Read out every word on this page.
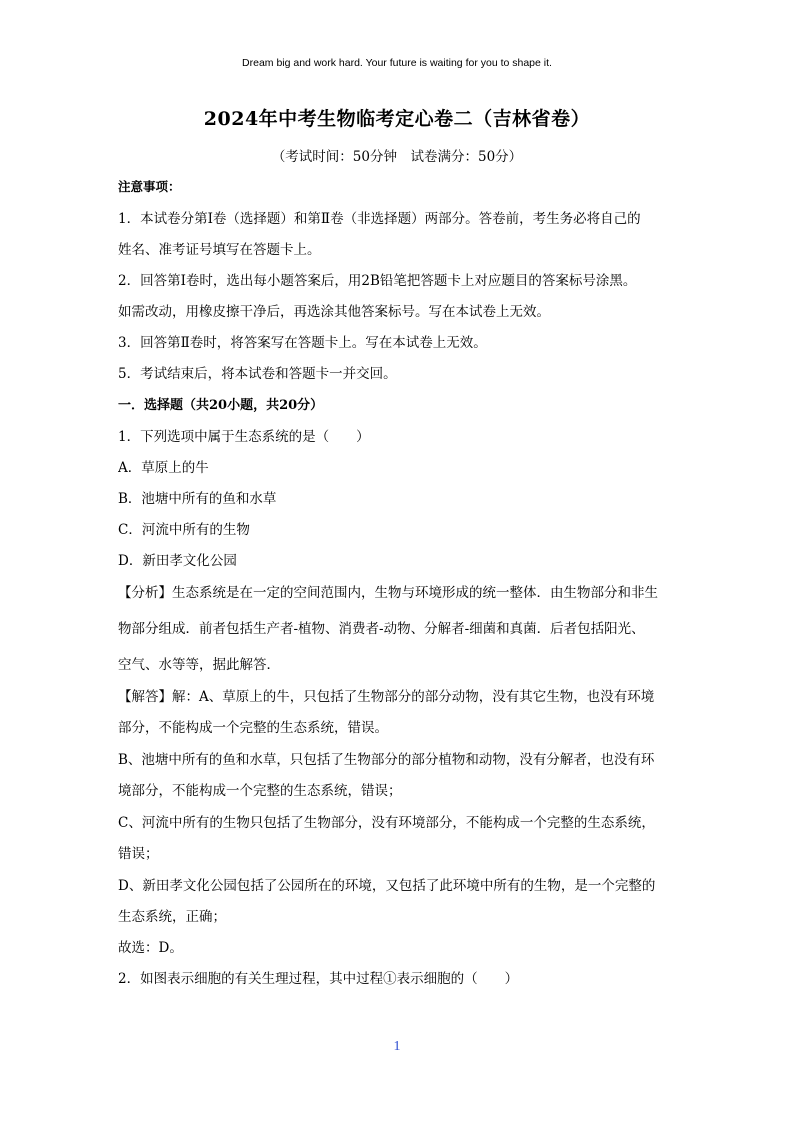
Dream big and work hard. Your future is waiting for you to shape it.
2024年中考生物临考定心卷二（吉林省卷）
（考试时间：50分钟　试卷满分：50分）
注意事项：
1．本试卷分第Ⅰ卷（选择题）和第Ⅱ卷（非选择题）两部分。答卷前，考生务必将自己的
姓名、准考证号填写在答题卡上。
2．回答第Ⅰ卷时，选出每小题答案后，用2B铅笔把答题卡上对应题目的答案标号涂黑。
如需改动，用橡皮擦干净后，再选涂其他答案标号。写在本试卷上无效。
3．回答第Ⅱ卷时，将答案写在答题卡上。写在本试卷上无效。
5．考试结束后，将本试卷和答题卡一并交回。
一．选择题（共20小题，共20分）
1．下列选项中属于生态系统的是（　　）
A．草原上的牛
B．池塘中所有的鱼和水草
C．河流中所有的生物
D．新田孝文化公园
【分析】生态系统是在一定的空间范围内，生物与环境形成的统一整体．由生物部分和非生
物部分组成．前者包括生产者-植物、消费者-动物、分解者-细菌和真菌．后者包括阳光、
空气、水等等，据此解答．
【解答】解：A、草原上的牛，只包括了生物部分的部分动物，没有其它生物，也没有环境
部分，不能构成一个完整的生态系统，错误。
B、池塘中所有的鱼和水草，只包括了生物部分的部分植物和动物，没有分解者，也没有环
境部分，不能构成一个完整的生态系统，错误；
C、河流中所有的生物只包括了生物部分，没有环境部分，不能构成一个完整的生态系统，
错误；
D、新田孝文化公园包括了公园所在的环境，又包括了此环境中所有的生物，是一个完整的
生态系统，正确；
故选：D。
2．如图表示细胞的有关生理过程，其中过程①表示细胞的（　　）
1
